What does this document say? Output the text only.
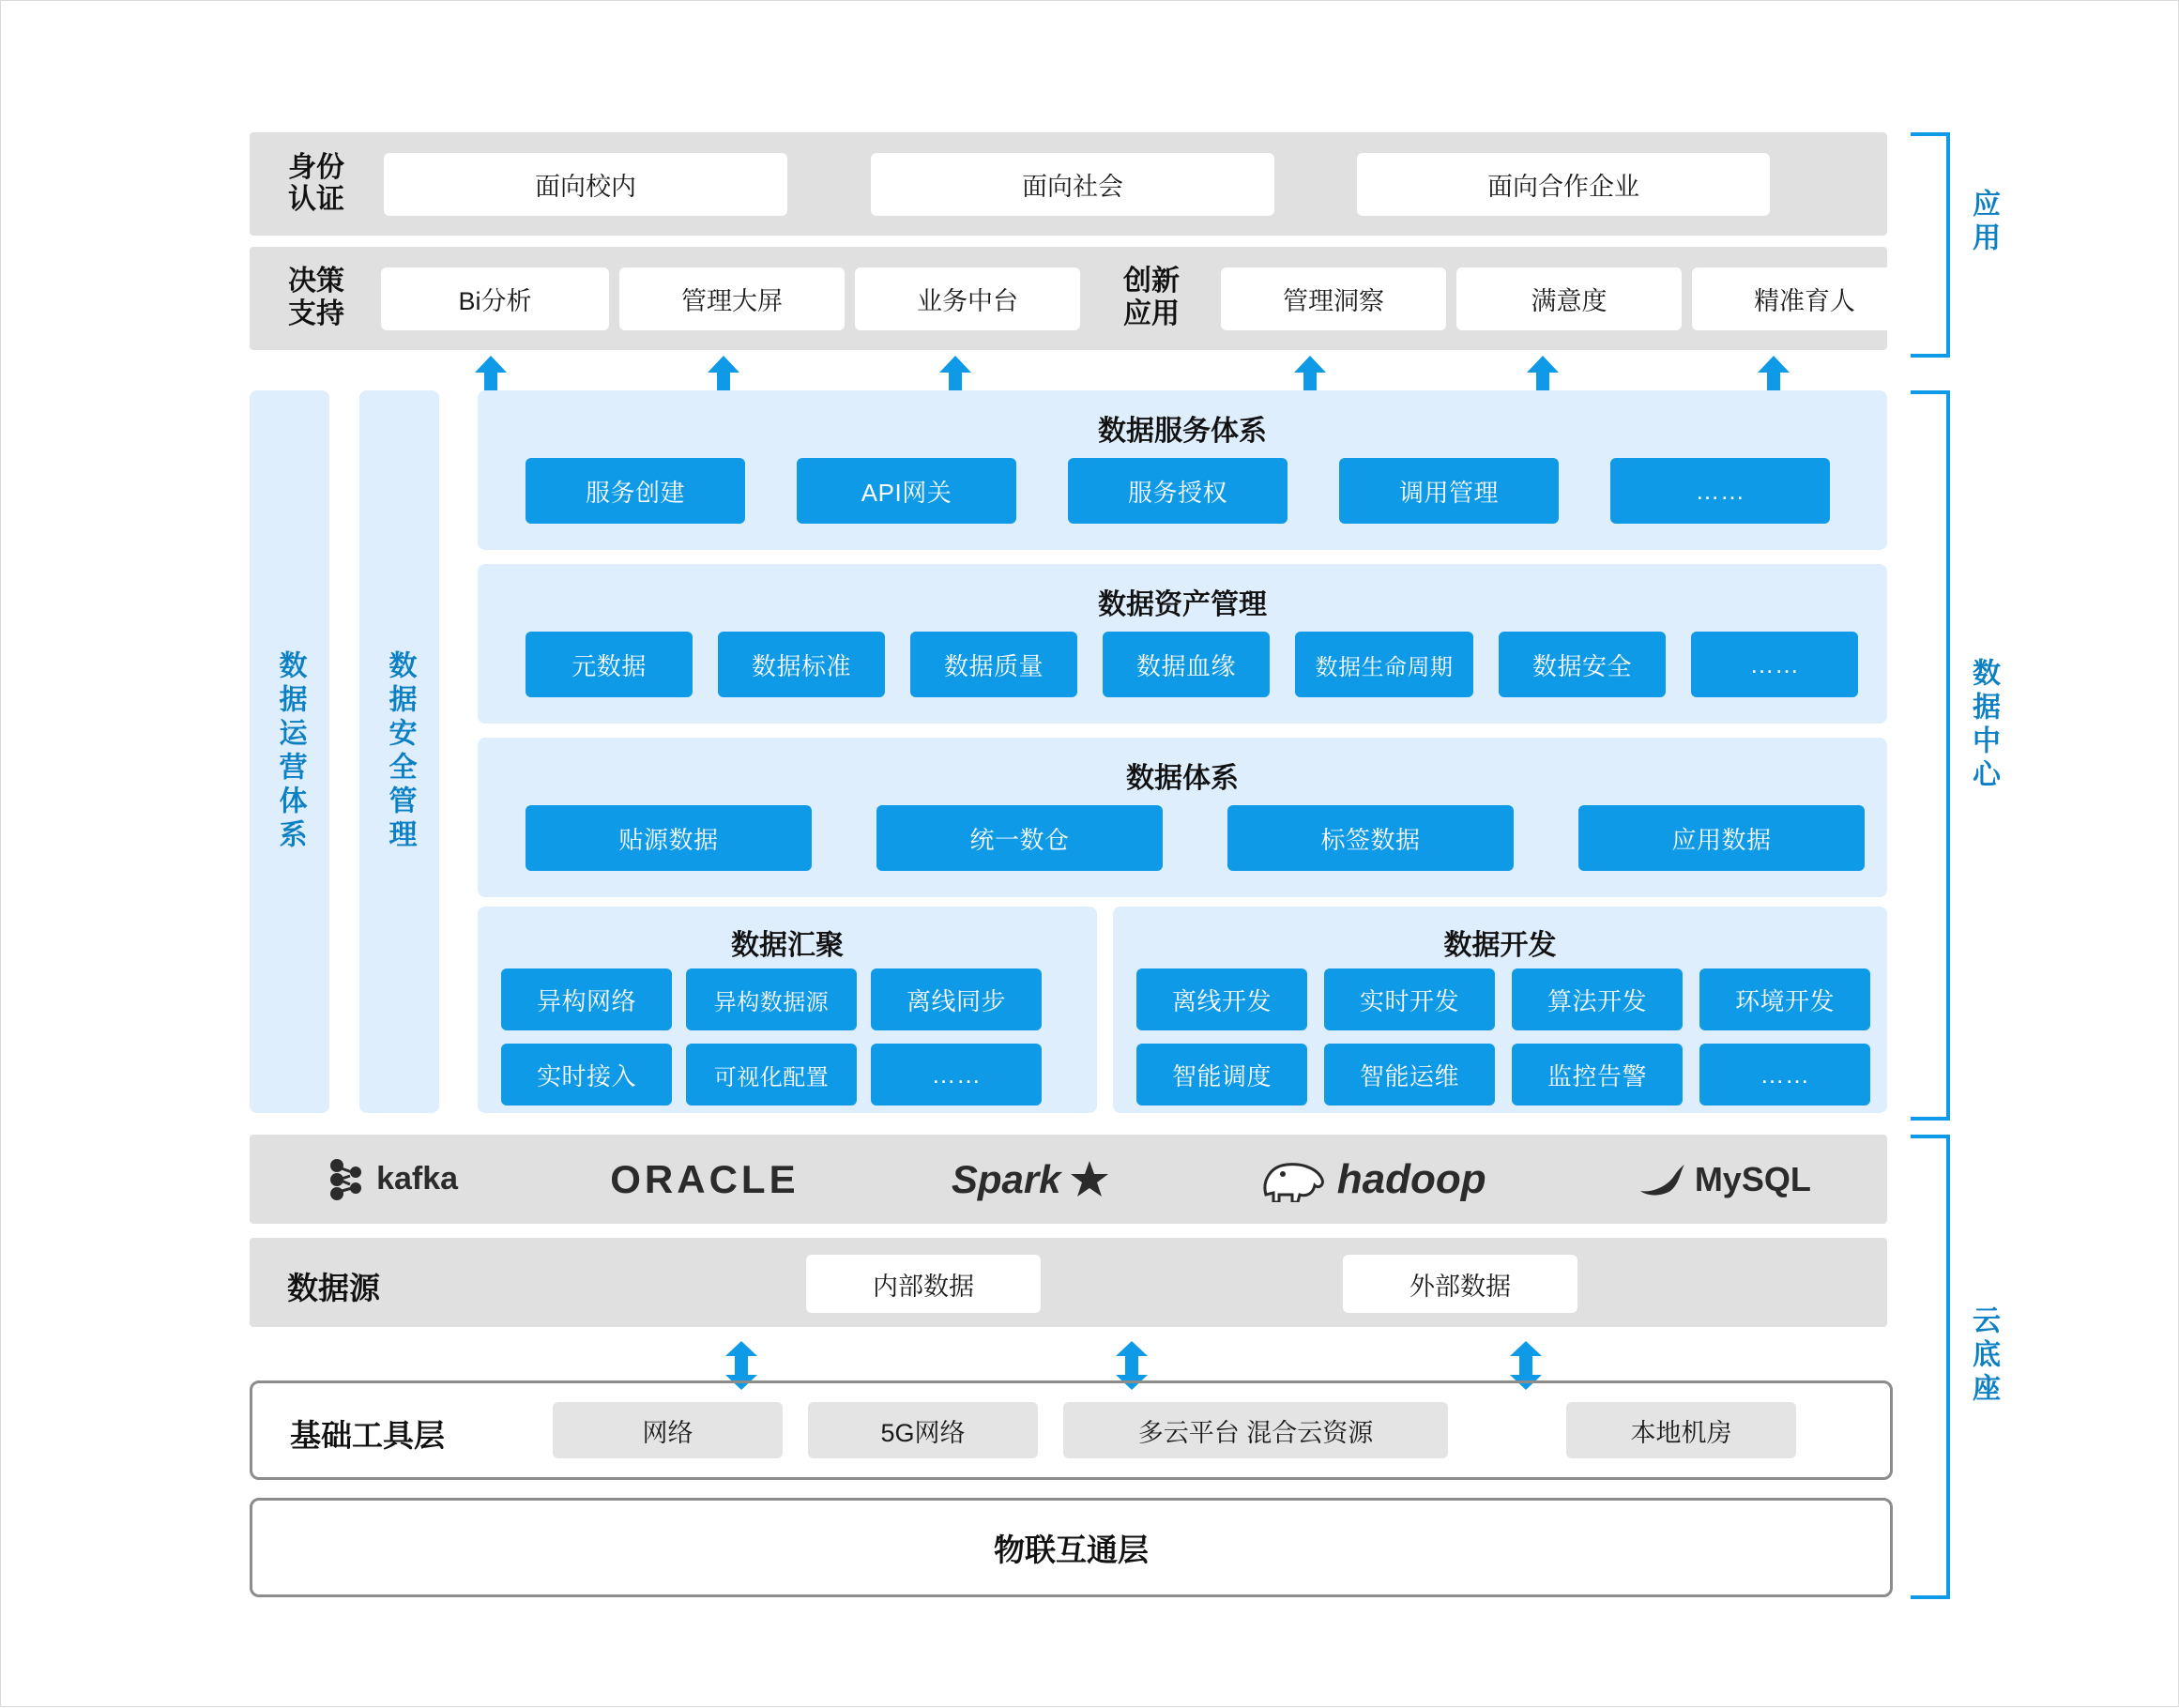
身份
认证	面向校内	面向社会	面向合作企业
决策
支持	Bi分析	管理大屏	业务中台
创新
应用	管理洞察	满意度	精准育人
数据运营体系	数据安全管理
数据服务体系
服务创建	API网关	服务授权	调用管理	……
数据资产管理
元数据	数据标准	数据质量	数据血缘	数据生命周期	数据安全	……
数据体系
贴源数据	统一数仓	标签数据	应用数据
数据汇聚
异构网络	异构数据源	离线同步
实时接入	可视化配置	……
数据开发
离线开发	实时开发	算法开发	环境开发
智能调度	智能运维	监控告警	……
kafka	ORACLE	Spark	hadoop	MySQL
数据源	内部数据	外部数据
基础工具层	网络	5G网络	多云平台 混合云资源	本地机房
物联互通层
应用
数据中心
云底座
